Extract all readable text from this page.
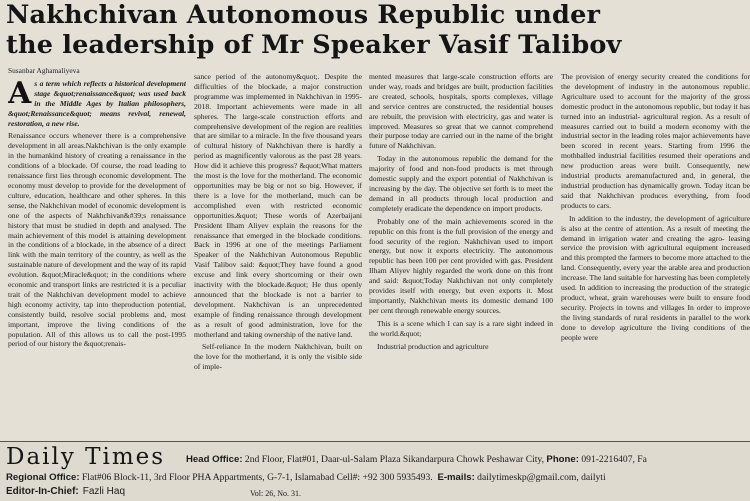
Nakhchivan Autonomous Republic under
the leadership of Mr Speaker Vasif Talibov
Susanbar Aghamaliyeva

As a term which reflects a historical development stage &quot;renaissance&quot; was used back in the Middle Ages by Italian philosophers, &quot;Renaissance&quot; means revival, renewal, restoration, a new rise.

Renaissance occurs whenever there is a comprehensive development in all areas.Nakhchivan is the only example in the humankind history of creating a renaissance in the conditions of a blockade. Of course, the road leading to renaissance first lies through economic development. The economy must develop to provide for the development of culture, education, healthcare and other spheres. In this sense, the Nakhchivan model of economic development is one of the aspects of Nakhchivan&#39;s renaissance history that must be studied in depth and analysed. The main achievement of this model is attaining development in the conditions of a blockade, in the absence of a direct link with the main territory of the country, as well as the sustainable nature of development and the way of its rapid evolution. &quot;Miracle&quot; in the conditions where economic and transport links are restricted it is a peculiar trait of the Nakhchivan development model to achieve high economy activity, tap into theproduction potential, consistently build, resolve social problems and, most important, improve the living conditions of the population. All of this allows us to call the post-1995 period of our history the &quot;renais-

sance period of the autonomy&quot;. Despite the difficulties of the blockade, a major construction programme was implemented in Nakhchivan in 1995-2018. Important achievements were made in all spheres. The large-scale construction efforts and comprehensive development of the region are realities that are similar to a miracle. In the five thousand years of cultural history of Nakhchivan there is hardly a period as magnificently valorous as the past 28 years. How did it achieve this progress? &quot;What matters the most is the love for the motherland. The economic opportunities may be big or not so big. However, if there is a love for the motherland, much can be accomplished even with restricted economic opportunities.&quot; These words of Azerbaijani President Ilham Aliyev explain the reasons for the renaissance that emerged in the blockade conditions. Back in 1996 at one of the meetings Parliament Speaker of the Nakhchivan Autonomous Republic Vasif Talibov said: &quot;They have found a good excuse and link every shortcoming or their own inactivity with the blockade.&quot; He thus openly announced that the blockade is not a barrier to development. Nakhchivan is an unprecedented example of finding renaissance through development as a result of good administration, love for the motherland and taking ownership of the native land.

Self-reliance In the modern Nakhchivan, built on the love for the motherland, it is only the visible side of imple-

mented measures that large-scale construction efforts are under way, roads and bridges are built, production facilities are created, schools, hospitals, sports complexes, village and service centres are constructed, the residential houses are rebuilt, the provision with electricity, gas and water is improved. Measures so great that we cannot comprehend their purpose today are carried out in the name of the bright future of Nakhchivan.

Today in the autonomous republic the demand for the majority of food and non-food products is met through domestic supply and the export potential of Nakhchivan is increasing by the day. The objective set forth is to meet the demand in all products through local production and completely eradicate the dependence on import products.

Probably one of the main achievements scored in the republic on this front is the full provision of the energy and food security of the region. Nakhchivan used to import energy, but now it exports electricity. The autonomous republic has been 100 per cent provided with gas. President Ilham Aliyev highly regarded the work done on this front and said: &quot;Today Nakhchivan not only completely provides itself with energy, but even exports it. Most importantly, Nakhchivan meets its domestic demand 100 per cent through renewable energy sources.

This is a scene which I can say is a rare sight indeed in the world.&quot;

Industrial production and agriculture

The provision of energy security created the conditions for the development of industry in the autonomous republic. Agriculture used to account for the majority of the gross domestic product in the autonomous republic, but today it has turned into an industrial- agricultural region. As a result of measures carried out to build a modern economy with the industrial sector in the leading roles major achievements have been scored in recent years. Starting from 1996 the mothballed industrial facilities resumed their operations and new production areas were built. Consequently, new industrial products aremanufactured and, in general, the industrial production has dynamically grown. Today itcan be said that Nakhchivan produces everything, from food products to cars.

In addition to the industry, the development of agriculture is also at the centre of attention. As a result of meeting the demand in irrigation water and creating the agro- leasing service the provision with agricultural equipment increased and this prompted the farmers to become more attached to the land. Consequently, every year the arable area and production increase. The land suitable for harvesting has been completely used. In addition to increasing the production of the strategic product, wheat, grain warehouses were built to ensure food security. Projects in towns and villages In order to improve the living standards of rural residents in parallel to the work done to develop agriculture the living conditions of the people were

Daily Times Head Office: 2nd Floor, Flat#01, Daar-ul-Salam Plaza Sikandarpura Chowk Peshawar City, Phone: 091-2216407, Fa
Regional Office: Flat#06 Block-11, 3rd Floor PHA Appartments, G-7-1, Islamabad Cell#: +92 300 5935493. E-mails: dailytimeskp@gmail.com, dailyti
Editor-In-Chief: Fazli Haq	Vol: 26, No. 31.
